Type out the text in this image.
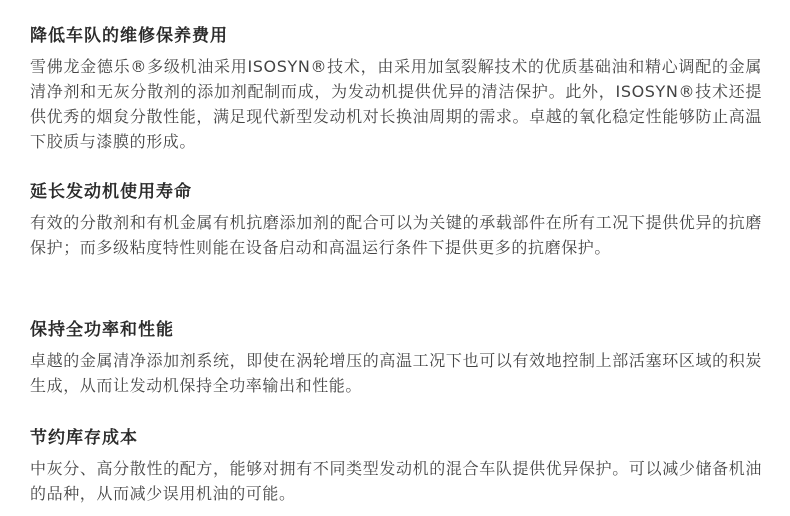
降低车队的维修保养费用

雪佛龙金德乐®多级机油采用ISOSYN®技术，由采用加氢裂解技术的优质基础油和精心调配的金属清净剂和无灰分散剂的添加剂配制而成，为发动机提供优异的清洁保护。此外，ISOSYN®技术还提供优秀的烟炱分散性能，满足现代新型发动机对长换油周期的需求。卓越的氧化稳定性能够防止高温下胶质与漆膜的形成。

延长发动机使用寿命

有效的分散剂和有机金属有机抗磨添加剂的配合可以为关键的承载部件在所有工况下提供优异的抗磨保护；而多级粘度特性则能在设备启动和高温运行条件下提供更多的抗磨保护。

保持全功率和性能

卓越的金属清净添加剂系统，即使在涡轮增压的高温工况下也可以有效地控制上部活塞环区域的积炭生成，从而让发动机保持全功率输出和性能。

节约库存成本

中灰分、高分散性的配方，能够对拥有不同类型发动机的混合车队提供优异保护。可以减少储备机油的品种，从而减少误用机油的可能。
